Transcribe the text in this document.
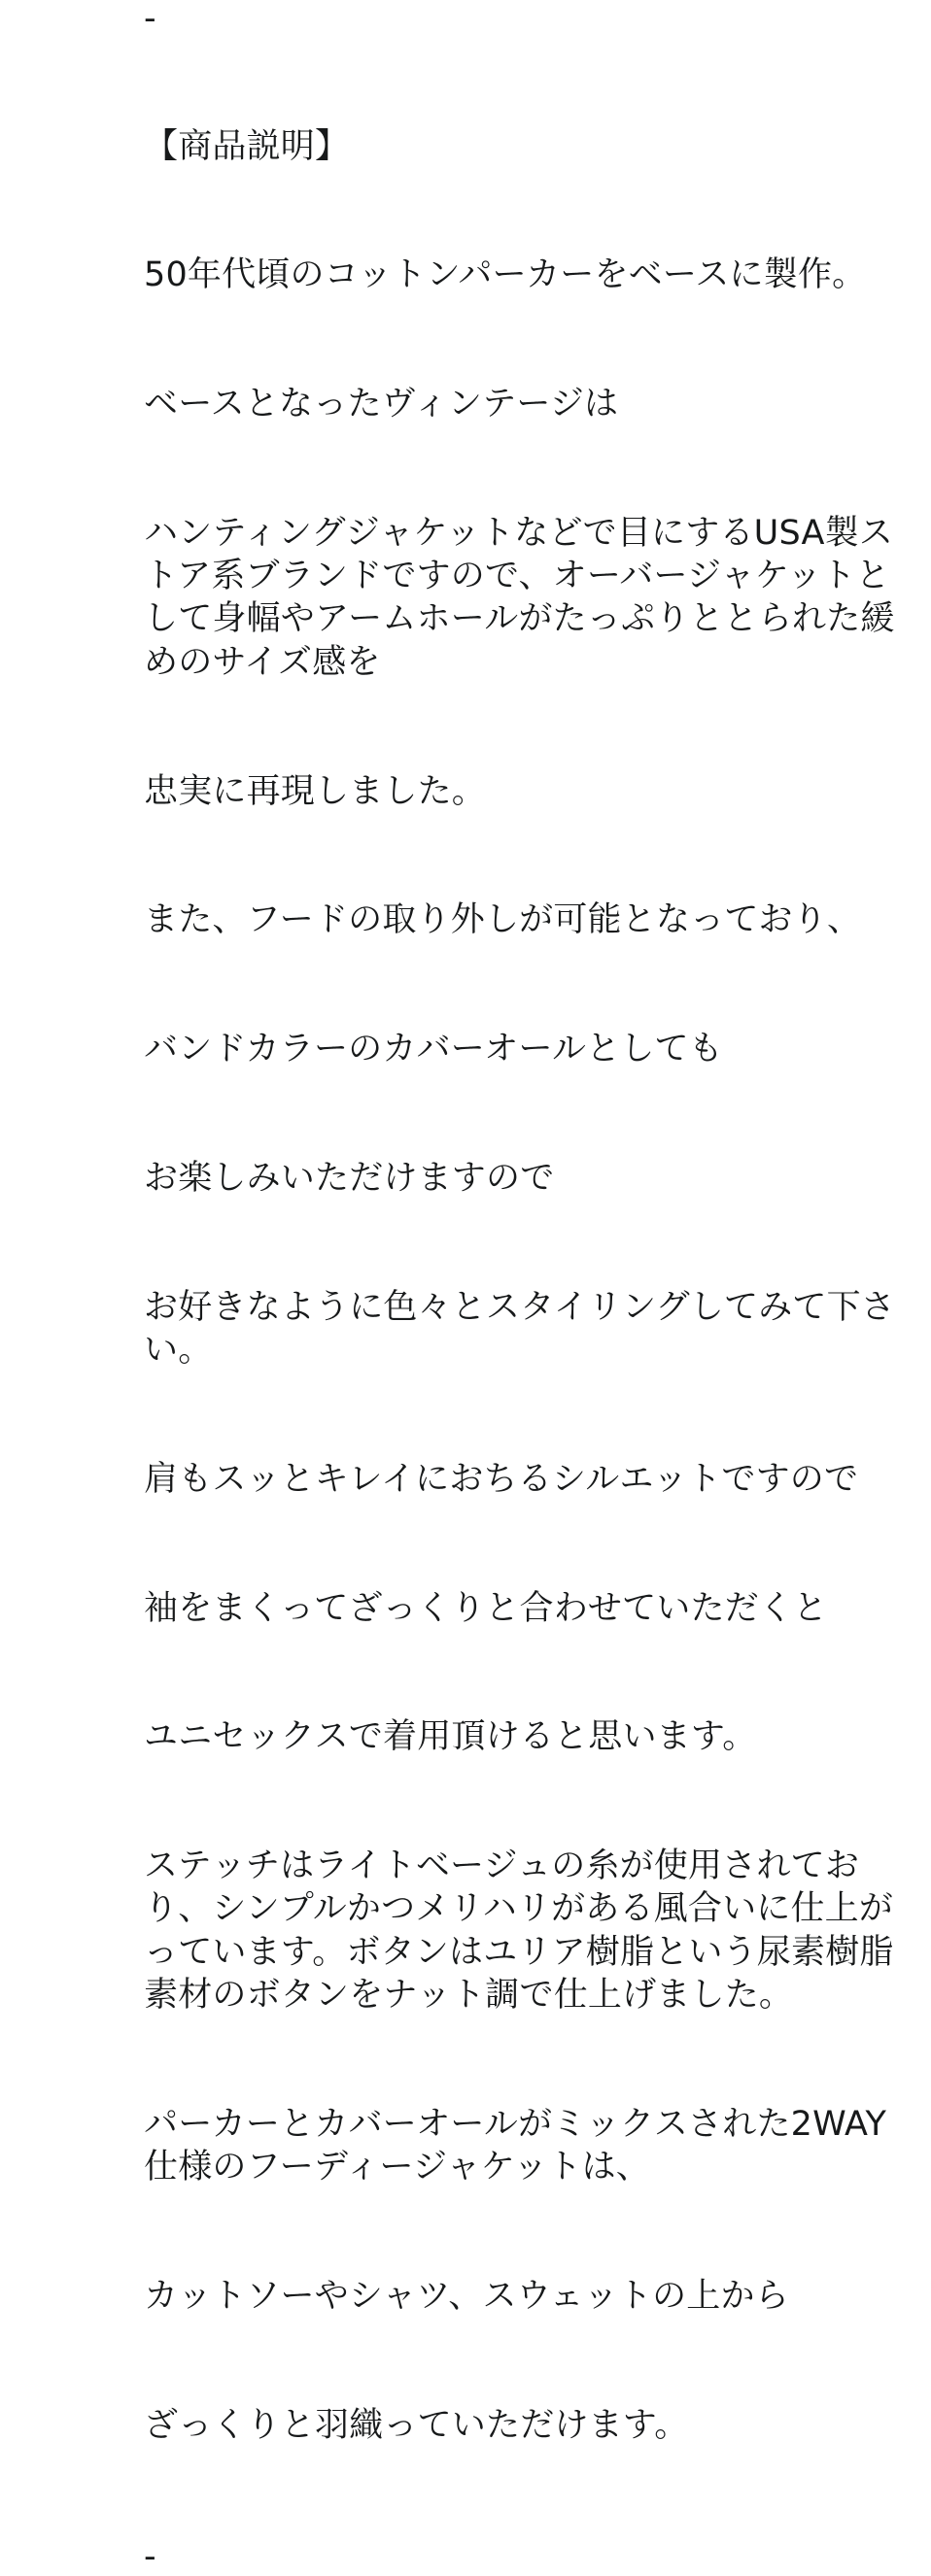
-

【商品説明】

50年代頃のコットンパーカーをベースに製作。

ベースとなったヴィンテージは

ハンティングジャケットなどで目にするUSA製ストア系ブランドですので、オーバージャケットとして身幅やアームホールがたっぷりととられた緩めのサイズ感を

忠実に再現しました。

また、フードの取り外しが可能となっており、

バンドカラーのカバーオールとしても

お楽しみいただけますので

お好きなように色々とスタイリングしてみて下さい。

肩もスッとキレイにおちるシルエットですので

袖をまくってざっくりと合わせていただくと

ユニセックスで着用頂けると思います。

ステッチはライトベージュの糸が使用されており、シンプルかつメリハリがある風合いに仕上がっています。ボタンはユリア樹脂という尿素樹脂素材のボタンをナット調で仕上げました。

パーカーとカバーオールがミックスされた2WAY仕様のフーディージャケットは、

カットソーやシャツ、スウェットの上から

ざっくりと羽織っていただけます。

-
